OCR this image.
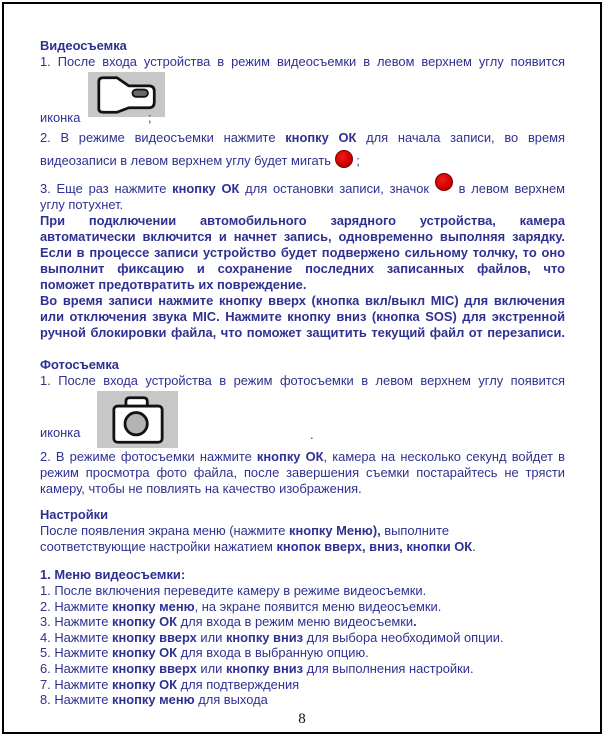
Видеосъемка
1. После входа устройства в режим видеосъемки в левом верхнем углу появится
иконка	;
2. В режиме видеосъемки нажмите кнопку ОК для начала записи, во время
видеозаписи в левом верхнем углу будет мигать  ;
3. Еще раз нажмите кнопку ОК для остановки записи, значок  в левом верхнем
углу потухнет.
При подключении автомобильного зарядного устройства, камера
автоматически включится и начнет запись, одновременно выполняя зарядку.
Если в процессе записи устройство будет подвержено сильному толчку, то оно
выполнит фиксацию и сохранение последних записанных файлов, что
поможет предотвратить их повреждение.
Во время записи нажмите кнопку вверх (кнопка вкл/выкл MIC) для включения
или отключения звука MIC. Нажмите кнопку вниз (кнопка SOS) для экстренной
ручной блокировки файла, что поможет защитить текущий файл от перезаписи.
Фотосъемка
1. После входа устройства в режим фотосъемки в левом верхнем углу появится
иконка	.
2. В режиме фотосъемки нажмите кнопку ОК, камера на несколько секунд войдет в
режим просмотра фото файла, после завершения съемки постарайтесь не трясти
камеру, чтобы не повлиять на качество изображения.
Настройки
После появления экрана меню (нажмите кнопку Меню), выполните
соответствующие настройки нажатием кнопок вверх, вниз, кнопки ОК.
1. Меню видеосъемки:
1. После включения переведите камеру в режиме видеосъемки.
2. Нажмите кнопку меню, на экране появится меню видеосъемки.
3. Нажмите кнопку ОК для входа в режим меню видеосъемки.
4. Нажмите кнопку вверх или кнопку вниз для выбора необходимой опции.
5. Нажмите кнопку ОК для входа в выбранную опцию.
6. Нажмите кнопку вверх или кнопку вниз для выполнения настройки.
7. Нажмите кнопку ОК для подтверждения
8. Нажмите кнопку меню для выхода
8
